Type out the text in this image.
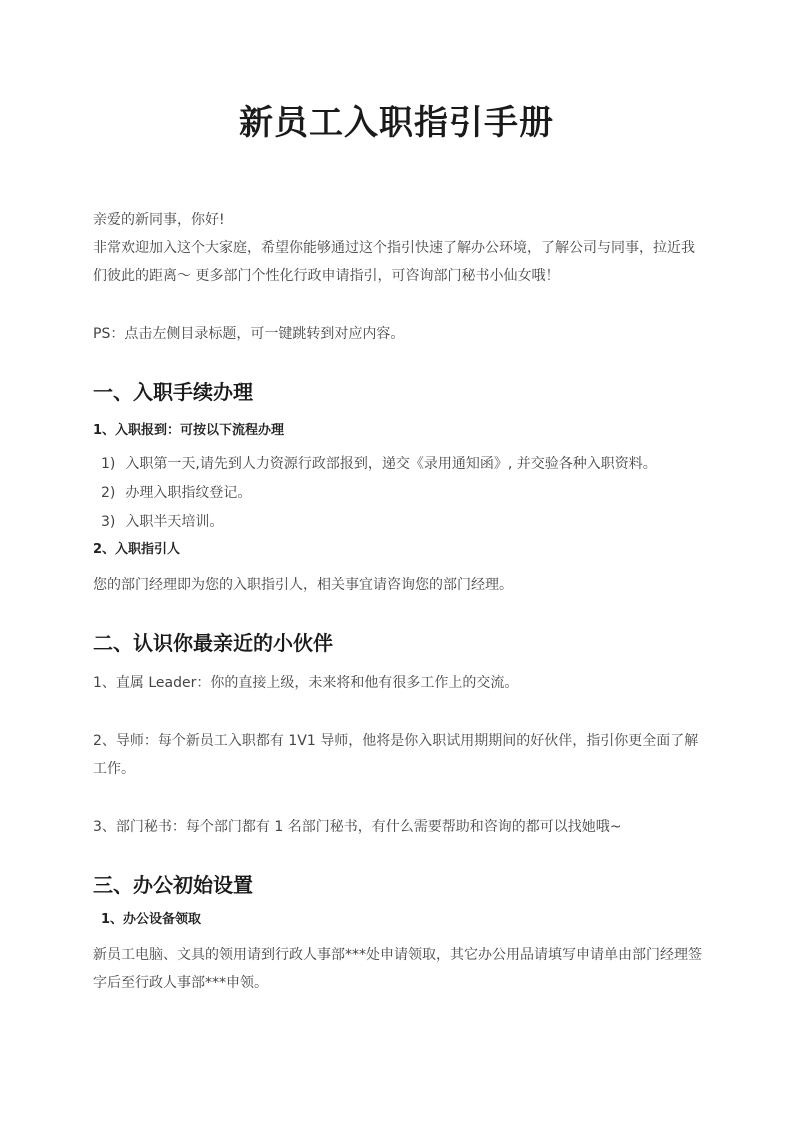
新员工入职指引手册

亲爱的新同事，你好!

非常欢迎加入这个大家庭，希望你能够通过这个指引快速了解办公环境，了解公司与同事，拉近我们彼此的距离～ 更多部门个性化行政申请指引，可咨询部门秘书小仙女哦！

PS：点击左侧目录标题，可一键跳转到对应内容。

一、入职手续办理
1、入职报到：可按以下流程办理
1) 入职第一天,请先到人力资源行政部报到，递交《录用通知函》, 并交验各种入职资料。
2) 办理入职指纹登记。
3) 入职半天培训。
2、入职指引人

您的部门经理即为您的入职指引人，相关事宜请咨询您的部门经理。

二、认识你最亲近的小伙伴

1、直属 Leader：你的直接上级，未来将和他有很多工作上的交流。

2、导师：每个新员工入职都有 1V1 导师，他将是你入职试用期期间的好伙伴，指引你更全面了解工作。

3、部门秘书：每个部门都有 1 名部门秘书，有什么需要帮助和咨询的都可以找她哦~

三、办公初始设置
1、办公设备领取

新员工电脑、文具的领用请到行政人事部***处申请领取，其它办公用品请填写申请单由部门经理签字后至行政人事部***申领。
